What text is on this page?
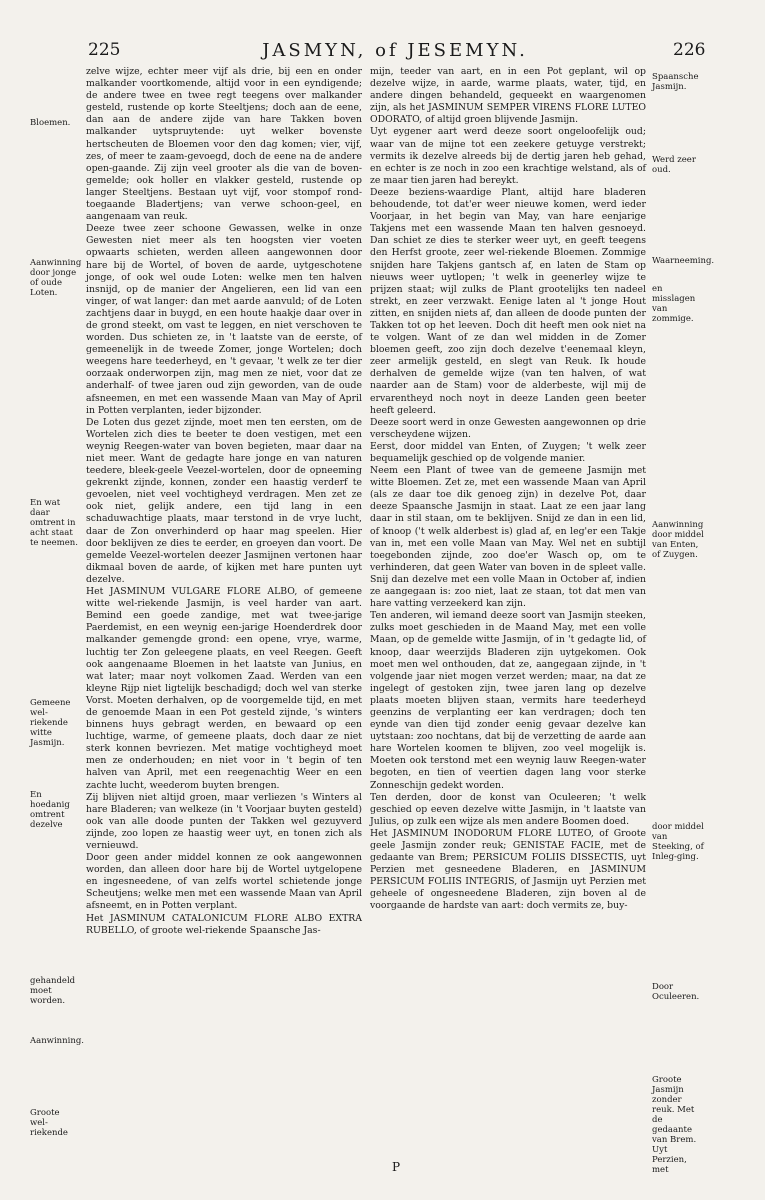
225	JASMYN, of JESEMYN.	226
Bloemen.
Aanwinning door jonge of oude Loten.
En wat daar omtrent in acht staat te neemen.
Gemeene wel-riekende witte Jasmijn.
En hoedanig omtrent dezelve
gehandeld moet worden.
Aanwinning.
Groote wel-riekende

zelve wijze, echter meer vijf als drie, bij een en onder malkander voortkomende, altijd voor in een eyndigende; de andere twee en twee regt teegens over malkander gesteld, rustende op korte Steeltjens; doch aan de eene, dan aan de andere zijde van hare Takken boven malkander uytspruytende: uyt welker bovenste hertscheuten de Bloemen voor den dag komen; vier, vijf, zes, of meer te zaam-gevoegd, doch de eene na de andere open-gaande. Zij zijn veel grooter als die van de boven-gemelde; ook holler en vlakker gesteld, rustende op langer Steeltjens. Bestaan uyt vijf, voor stompof rond-toegaande Bladertjens; van verwe schoon-geel, en aangenaam van reuk.

Deeze twee zeer schoone Gewassen, welke in onze Gewesten niet meer als ten hoogsten vier voeten opwaarts schieten, werden alleen aangewonnen door hare bij de Wortel, of boven de aarde, uytgeschotene jonge, of ook wel oude Loten: welke men ten halven insnijd, op de manier der Angelieren, een lid van een vinger, of wat langer: dan met aarde aanvuld; of de Loten zachtjens daar in buygd, en een houte haakje daar over in de grond steekt, om vast te leggen, en niet verschoven te worden. Dus schieten ze, in 't laatste van de eerste, of gemeenelijk in de tweede Zomer, jonge Wortelen; doch weegens hare teederheyd, en 't gevaar, 't welk ze ter dier oorzaak onderworpen zijn, mag men ze niet, voor dat ze anderhalf- of twee jaren oud zijn geworden, van de oude afsneemen, en met een wassende Maan van May of April in Potten verplanten, ieder bijzonder.

De Loten dus gezet zijnde, moet men ten eersten, om de Wortelen zich dies te beeter te doen vestigen, met een weynig Reegen-water van boven begieten, maar daar na niet meer. Want de gedagte hare jonge en van naturen teedere, bleek-geele Veezel-wortelen, door de opneeming gekrenkt zijnde, konnen, zonder een haastig verderf te gevoelen, niet veel vochtigheyd verdragen. Men zet ze ook niet, gelijk andere, een tijd lang in een schaduwachtige plaats, maar terstond in de vrye lucht, daar de Zon onverhinderd op haar mag speelen. Hier door beklijven ze dies te eerder, en groeyen dan voort. De gemelde Veezel-wortelen deezer Jasmijnen vertonen haar dikmaal boven de aarde, of kijken met hare punten uyt dezelve.

Het JASMINUM VULGARE FLORE ALBO, of gemeene witte wel-riekende Jasmijn, is veel harder van aart. Bemind een goede zandige, met wat twee-jarige Paerdemist, en een weynig een-jarige Hoenderdrek door malkander gemengde grond: een opene, vrye, warme, luchtig ter Zon geleegene plaats, en veel Reegen. Geeft ook aangenaame Bloemen in het laatste van Junius, en wat later; maar noyt volkomen Zaad. Werden van een kleyne Rijp niet ligtelijk beschadigd; doch wel van sterke Vorst. Moeten derhalven, op de voorgemelde tijd, en met de genoemde Maan in een Pot gesteld zijnde, 's winters binnens huys gebragt werden, en bewaard op een luchtige, warme, of gemeene plaats, doch daar ze niet sterk konnen bevriezen. Met matige vochtigheyd moet men ze onderhouden; en niet voor in 't begin of ten halven van April, met een reegenachtig Weer en een zachte lucht, weederom buyten brengen.

Zij blijven niet altijd groen, maar verliezen 's Winters al hare Bladeren; van welkeze (in 't Voorjaar buyten gesteld) ook van alle doode punten der Takken wel gezuyverd zijnde, zoo lopen ze haastig weer uyt, en tonen zich als vernieuwd.

Door geen ander middel konnen ze ook aangewonnen worden, dan alleen door hare bij de Wortel uytgelopene en ingesneedene, of van zelfs wortel schietende jonge Scheutjens; welke men met een wassende Maan van April afsneemt, en in Potten verplant.

Het JASMINUM CATALONICUM FLORE ALBO EXTRA RUBELLO, of groote wel-riekende Spaansche Jas-

mijn, teeder van aart, en in een Pot geplant, wil op dezelve wijze, in aarde, warme plaats, water, tijd, en andere dingen behandeld, gequeekt en waargenomen zijn, als het JASMINUM SEMPER VIRENS FLORE LUTEO ODORATO, of altijd groen blijvende Jasmijn.

Uyt eygener aart werd deeze soort ongeloofelijk oud; waar van de mijne tot een zeekere getuyge verstrekt; vermits ik dezelve alreeds bij de dertig jaren heb gehad, en echter is ze noch in zoo een krachtige welstand, als of ze maar tien jaren had bereykt.

Deeze beziens-waardige Plant, altijd hare bladeren behoudende, tot dat'er weer nieuwe komen, werd ieder Voorjaar, in het begin van May, van hare eenjarige Takjens met een wassende Maan ten halven gesnoeyd. Dan schiet ze dies te sterker weer uyt, en geeft teegens den Herfst groote, zeer wel-riekende Bloemen. Zommige snijden hare Takjens gantsch af, en laten de Stam op nieuws weer uytlopen; 't welk in geenerley wijze te prijzen staat; wijl zulks de Plant grootelijks ten nadeel strekt, en zeer verzwakt. Eenige laten al 't jonge Hout zitten, en snijden niets af, dan alleen de doode punten der Takken tot op het leeven. Doch dit heeft men ook niet na te volgen. Want of ze dan wel midden in de Zomer bloemen geeft, zoo zijn doch dezelve t'eenemaal kleyn, zeer armelijk gesteld, en slegt van Reuk. Ik houde derhalven de gemelde wijze (van ten halven, of wat naarder aan de Stam) voor de alderbeste, wijl mij de ervarentheyd noch noyt in deeze Landen geen beeter heeft geleerd.

Deeze soort werd in onze Gewesten aangewonnen op drie verscheydene wijzen.

Eerst, door middel van Enten, of Zuygen; 't welk zeer bequamelijk geschied op de volgende manier.

Neem een Plant of twee van de gemeene Jasmijn met witte Bloemen. Zet ze, met een wassende Maan van April (als ze daar toe dik genoeg zijn) in dezelve Pot, daar deeze Spaansche Jasmijn in staat. Laat ze een jaar lang daar in stil staan, om te beklijven. Snijd ze dan in een lid, of knoop ('t welk alderbest is) glad af, en leg'er een Takje van in, met een volle Maan van May. Wel net en subtijl toegebonden zijnde, zoo doe'er Wasch op, om te verhinderen, dat geen Water van boven in de spleet valle. Snij dan dezelve met een volle Maan in October af, indien ze aangegaan is: zoo niet, laat ze staan, tot dat men van hare vatting verzeekerd kan zijn.

Ten anderen, wil iemand deeze soort van Jasmijn steeken, zulks moet geschieden in de Maand May, met een volle Maan, op de gemelde witte Jasmijn, of in 't gedagte lid, of knoop, daar weerzijds Bladeren zijn uytgekomen. Ook moet men wel onthouden, dat ze, aangegaan zijnde, in 't volgende jaar niet mogen verzet werden; maar, na dat ze ingelegt of gestoken zijn, twee jaren lang op dezelve plaats moeten blijven staan, vermits hare teederheyd geenzins de verplanting eer kan verdragen; doch ten eynde van dien tijd zonder eenig gevaar dezelve kan uytstaan: zoo nochtans, dat bij de verzetting de aarde aan hare Wortelen koomen te blijven, zoo veel mogelijk is. Moeten ook terstond met een weynig lauw Reegen-water begoten, en tien of veertien dagen lang voor sterke Zonneschijn gedekt worden.

Ten derden, door de konst van Oculeeren; 't welk geschied op eeven dezelve witte Jasmijn, in 't laatste van Julius, op zulk een wijze als men andere Boomen doed.

Het JASMINUM INODORUM FLORE LUTEO, of Groote geele Jasmijn zonder reuk; GENISTAE FACIE, met de gedaante van Brem; PERSICUM FOLIIS DISSECTIS, uyt Perzien met gesneedene Bladeren, en JASMINUM PERSICUM FOLIIS INTEGRIS, of Jasmijn uyt Perzien met geheele of ongesneedene Bladeren, zijn boven al de voorgaande de hardste van aart: doch vermits ze, buy-

Spaansche Jasmijn.
Werd zeer oud.
Waarneeming.
en misslagen van zommige.
Aanwinning door middel van Enten, of Zuygen.
door middel van Steeking, of Inleg-ging.
Door Oculeeren.
Groote Jasmijn zonder reuk. Met de gedaante van Brem. Uyt Perzien, met
P
